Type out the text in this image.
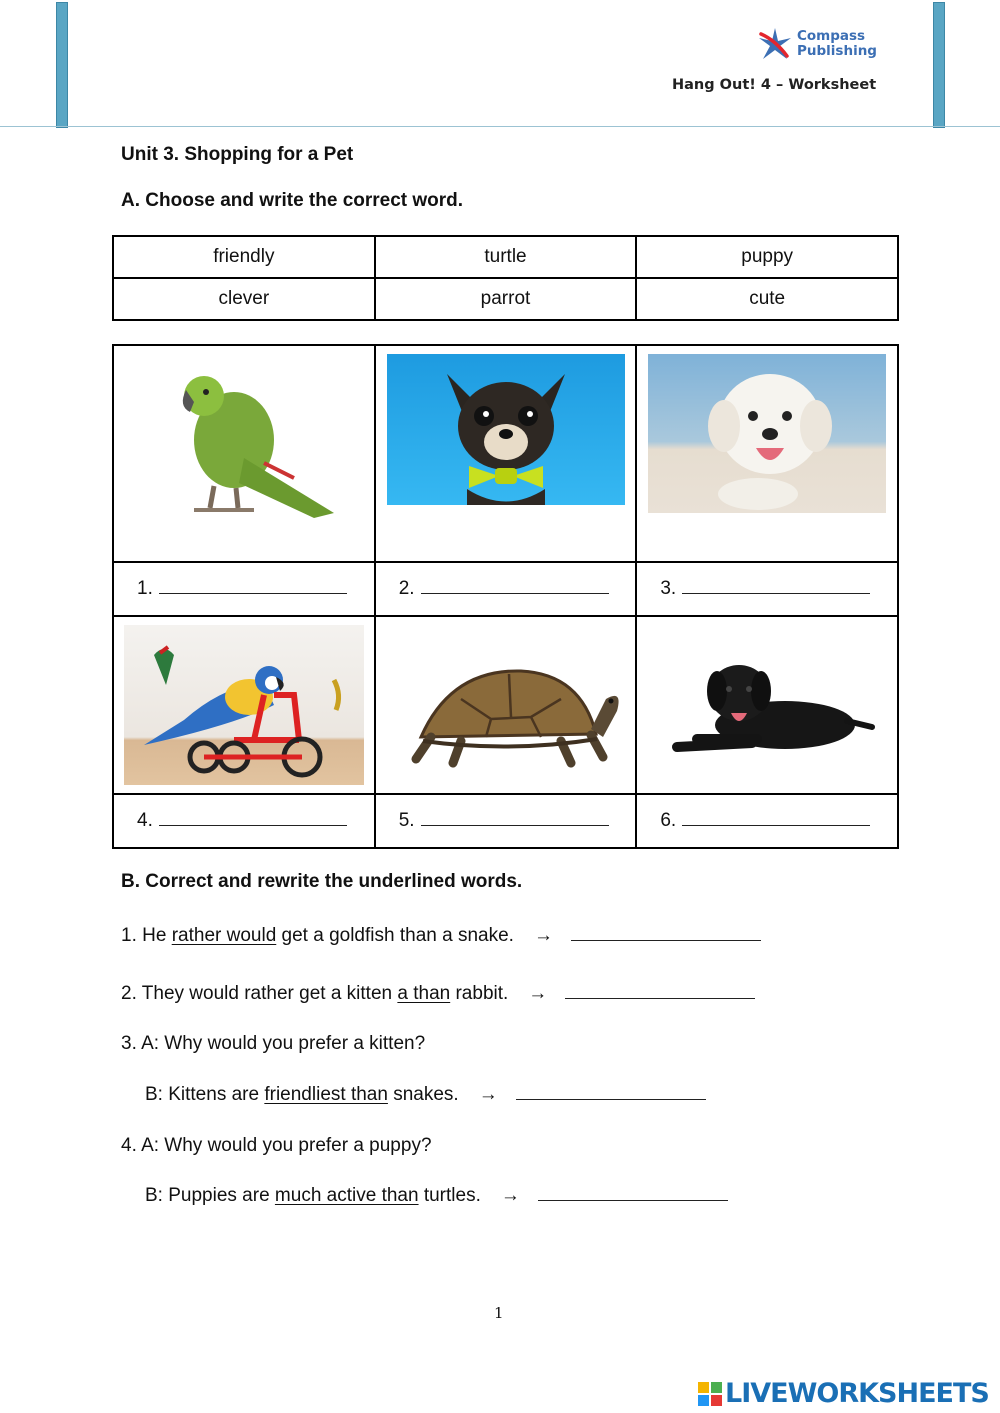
Compass
Publishing
Hang Out! 4 – Worksheet
Unit 3. Shopping for a Pet
A. Choose and write the correct word.
friendly	turtle	puppy
clever	parrot	cute

1.	2.	3.

4.	5.	6.
B. Correct and rewrite the underlined words.
1. He rather would get a goldfish than a snake. →
2. They would rather get a kitten a than rabbit. →
3. A: Why would you prefer a kitten?
B: Kittens are friendliest than snakes. →
4. A: Why would you prefer a puppy?
B: Puppies are much active than turtles. →
1
LIVEWORKSHEETS
